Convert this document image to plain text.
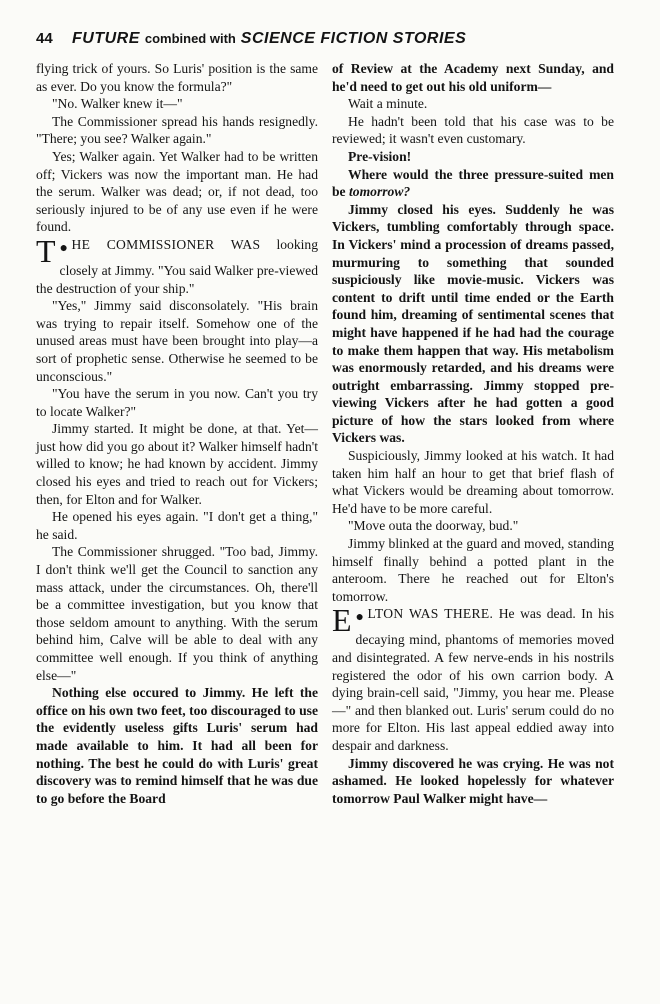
44	FUTURE combined with SCIENCE FICTION STORIES

flying trick of yours. So Luris' position is the same as ever. Do you know the formula?"

"No. Walker knew it—"

The Commissioner spread his hands resignedly. "There; you see? Walker again."

Yes; Walker again. Yet Walker had to be written off; Vickers was now the important man. He had the serum. Walker was dead; or, if not dead, too seriously injured to be of any use even if he were found.

●
T HE COMMISSIONER WAS looking closely at Jimmy. "You said Walker pre-viewed the destruction of your ship."

"Yes," Jimmy said disconsolately. "His brain was trying to repair itself. Somehow one of the unused areas must have been brought into play—a sort of prophetic sense. Otherwise he seemed to be unconscious."

"You have the serum in you now. Can't you try to locate Walker?"

Jimmy started. It might be done, at that. Yet—just how did you go about it? Walker himself hadn't willed to know; he had known by accident. Jimmy closed his eyes and tried to reach out for Vickers; then, for Elton and for Walker.

He opened his eyes again. "I don't get a thing," he said.

The Commissioner shrugged. "Too bad, Jimmy. I don't think we'll get the Council to sanction any mass attack, under the circumstances. Oh, there'll be a committee investigation, but you know that those seldom amount to anything. With the serum behind him, Calve will be able to deal with any committee well enough. If you think of anything else—"

Nothing else occured to Jimmy. He left the office on his own two feet, too discouraged to use the evidently useless gifts Luris' serum had made available to him. It had all been for nothing. The best he could do with Luris' great discovery was to remind himself that he was due to go before the Board

of Review at the Academy next Sunday, and he'd need to get out his old uniform—

Wait a minute.

He hadn't been told that his case was to be reviewed; it wasn't even customary.

Pre-vision!

Where would the three pressure-suited men be tomorrow?

Jimmy closed his eyes. Suddenly he was Vickers, tumbling comfortably through space. In Vickers' mind a procession of dreams passed, murmuring to something that sounded suspiciously like movie-music. Vickers was content to drift until time ended or the Earth found him, dreaming of sentimental scenes that might have happened if he had had the courage to make them happen that way. His metabolism was enormously retarded, and his dreams were outright embarrassing. Jimmy stopped pre-viewing Vickers after he had gotten a good picture of how the stars looked from where Vickers was.

Suspiciously, Jimmy looked at his watch. It had taken him half an hour to get that brief flash of what Vickers would be dreaming about tomorrow. He'd have to be more careful.

"Move outa the doorway, bud."

Jimmy blinked at the guard and moved, standing himself finally behind a potted plant in the anteroom. There he reached out for Elton's tomorrow.

●
E LTON WAS THERE. He was dead. In his decaying mind, phantoms of memories moved and disintegrated. A few nerve-ends in his nostrils registered the odor of his own carrion body. A dying brain-cell said, "Jimmy, you hear me. Please—" and then blanked out. Luris' serum could do no more for Elton. His last appeal eddied away into despair and darkness.

Jimmy discovered he was crying. He was not ashamed. He looked hopelessly for whatever tomorrow Paul Walker might have—
